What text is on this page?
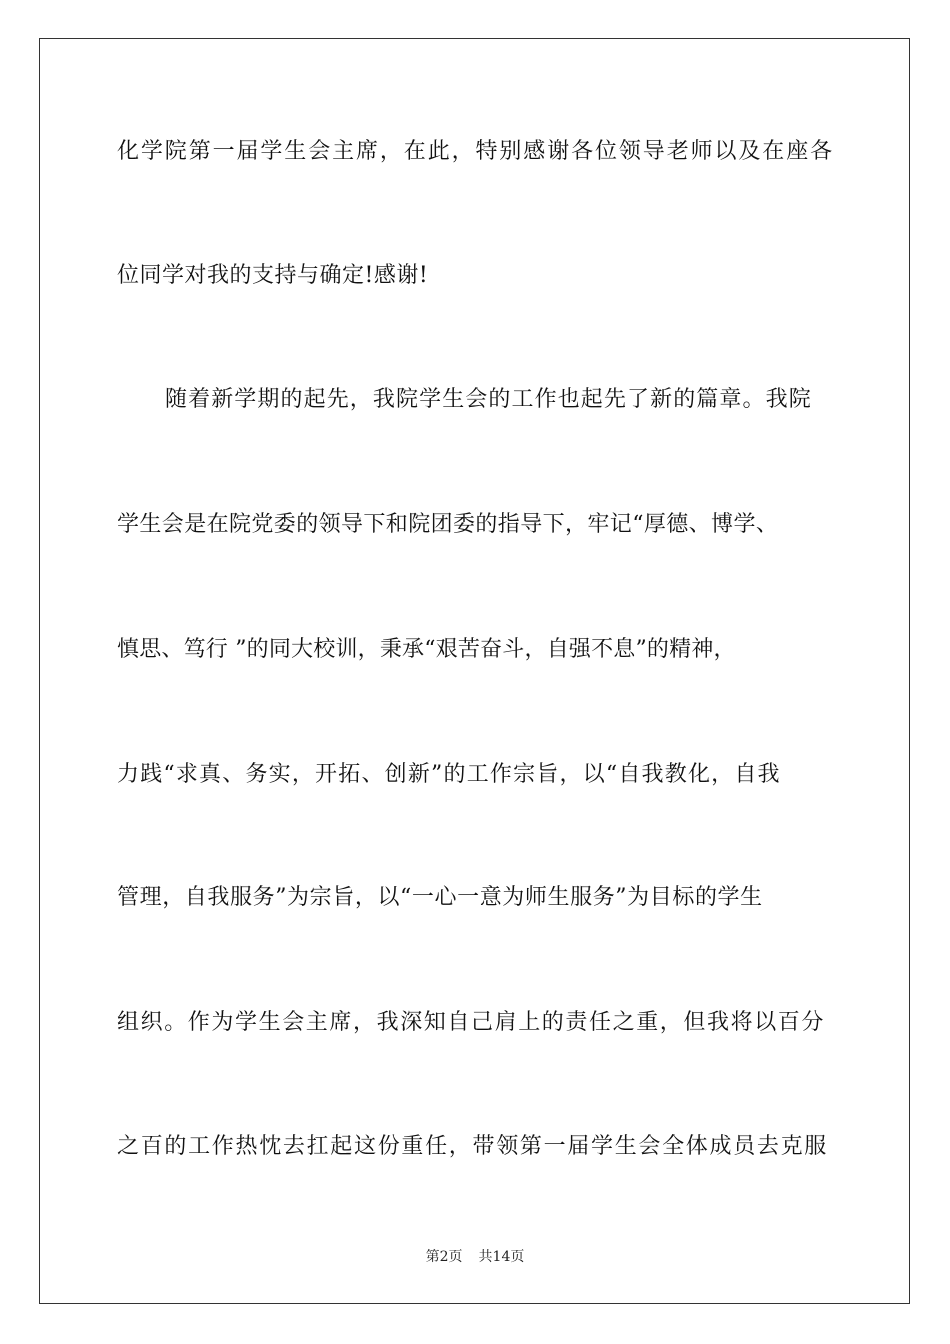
化学院第一届学生会主席，在此，特别感谢各位领导老师以及在座各
位同学对我的支持与确定!感谢!
随着新学期的起先，我院学生会的工作也起先了新的篇章。我院
学生会是在院党委的领导下和院团委的指导下，牢记“厚德、博学、
慎思、笃行 ”的同大校训，秉承“艰苦奋斗，自强不息”的精神，
力践“求真、务实，开拓、创新”的工作宗旨，以“自我教化，自我
管理，自我服务”为宗旨，以“一心一意为师生服务”为目标的学生
组织。作为学生会主席，我深知自己肩上的责任之重，但我将以百分
之百的工作热忱去扛起这份重任，带领第一届学生会全体成员去克服
第2页 共14页
